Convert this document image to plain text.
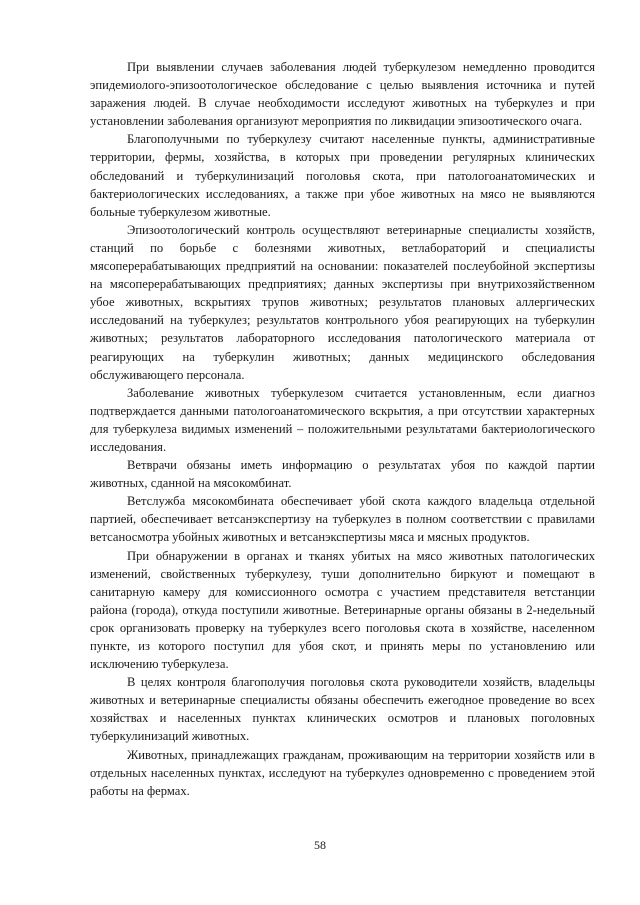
При выявлении случаев заболевания людей туберкулезом немедленно проводится эпидемиолого-эпизоотологическое обследование с целью выявления источника и путей заражения людей. В случае необходимости исследуют животных на туберкулез и при установлении заболевания организуют мероприятия по ликвидации эпизоотического очага.

Благополучными по туберкулезу считают населенные пункты, административные территории, фермы, хозяйства, в которых при проведении регулярных клинических обследований и туберкулинизаций поголовья скота, при патологоанатомических и бактериологических исследованиях, а также при убое животных на мясо не выявляются больные туберкулезом животные.

Эпизоотологический контроль осуществляют ветеринарные специалисты хозяйств, станций по борьбе с болезнями животных, ветлабораторий и специалисты мясоперерабатывающих предприятий на основании: показателей послеубойной экспертизы на мясоперерабатывающих предприятиях; данных экспертизы при внутрихозяйственном убое животных, вскрытиях трупов животных; результатов плановых аллергических исследований на туберкулез; результатов контрольного убоя реагирующих на туберкулин животных; результатов лабораторного исследования патологического материала от реагирующих на туберкулин животных; данных медицинского обследования обслуживающего персонала.

Заболевание животных туберкулезом считается установленным, если диагноз подтверждается данными патологоанатомического вскрытия, а при отсутствии характерных для туберкулеза видимых изменений – положительными результатами бактериологического исследования.

Ветврачи обязаны иметь информацию о результатах убоя по каждой партии животных, сданной на мясокомбинат.

Ветслужба мясокомбината обеспечивает убой скота каждого владельца отдельной партией, обеспечивает ветсанэкспертизу на туберкулез в полном соответствии с правилами ветсаносмотра убойных животных и ветсанэкспертизы мяса и мясных продуктов.

При обнаружении в органах и тканях убитых на мясо животных патологических изменений, свойственных туберкулезу, туши дополнительно биркуют и помещают в санитарную камеру для комиссионного осмотра с участием представителя ветстанции района (города), откуда поступили животные. Ветеринарные органы обязаны в 2-недельный срок организовать проверку на туберкулез всего поголовья скота в хозяйстве, населенном пункте, из которого поступил для убоя скот, и принять меры по установлению или исключению туберкулеза.

В целях контроля благополучия поголовья скота руководители хозяйств, владельцы животных и ветеринарные специалисты обязаны обеспечить ежегодное проведение во всех хозяйствах и населенных пунктах клинических осмотров и плановых поголовных туберкулинизаций животных.

Животных, принадлежащих гражданам, проживающим на территории хозяйств или в отдельных населенных пунктах, исследуют на туберкулез одновременно с проведением этой работы на фермах.

58
